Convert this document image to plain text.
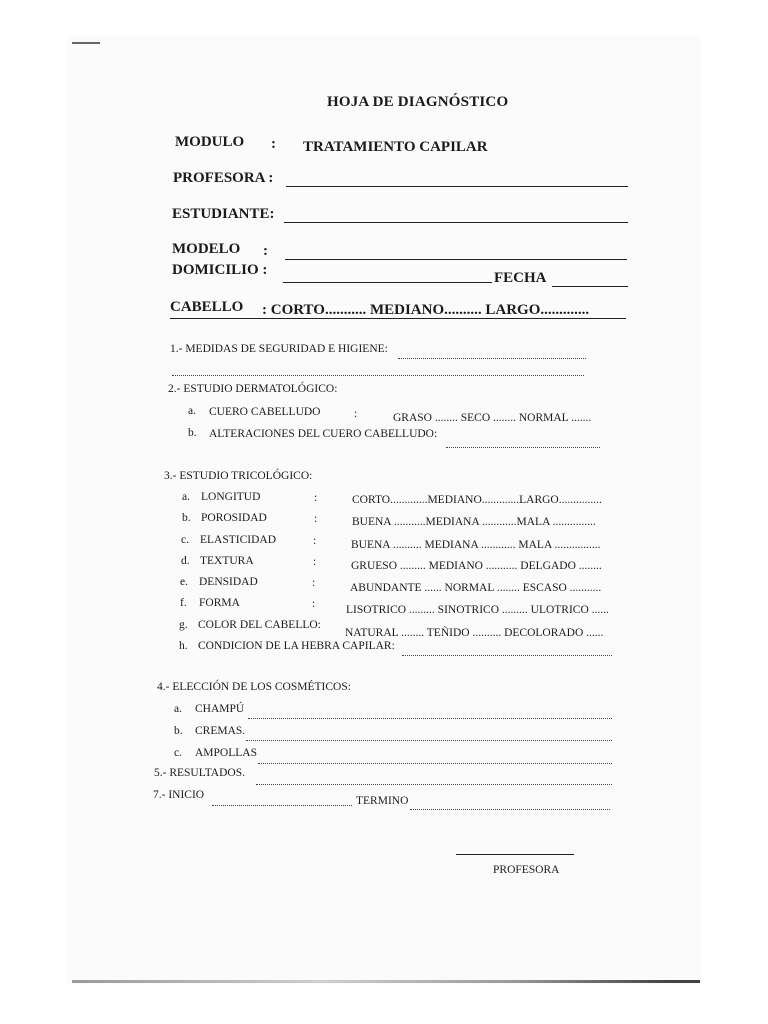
HOJA DE DIAGNÓSTICO
MODULO : TRATAMIENTO CAPILAR
PROFESORA :
ESTUDIANTE:
MODELO :
DOMICILIO :	FECHA
CABELLO : CORTO........... MEDIANO.......... LARGO.............
1.- MEDIDAS DE SEGURIDAD E HIGIENE:
2.- ESTUDIO DERMATOLÓGICO:
a. CUERO CABELLUDO	:	GRASO ........ SECO ........ NORMAL .......
b. ALTERACIONES DEL CUERO CABELLUDO:
3.- ESTUDIO TRICOLÓGICO:
a. LONGITUD	:	CORTO.............MEDIANO.............LARGO...............
b. POROSIDAD	:	BUENA ...........MEDIANA ............MALA ...............
c. ELASTICIDAD	:	BUENA .......... MEDIANA ............ MALA ................
d. TEXTURA	:	GRUESO ......... MEDIANO ........... DELGADO ........
e. DENSIDAD	:	ABUNDANTE ...... NORMAL ........ ESCASO ...........
f. FORMA	:	LISOTRICO ......... SINOTRICO ......... ULOTRICO ......
g. COLOR DEL CABELLO:
NATURAL ........ TEÑIDO .......... DECOLORADO ......
h. CONDICION DE LA HEBRA CAPILAR:
4.- ELECCIÓN DE LOS COSMÉTICOS:
a. CHAMPÚ
b. CREMAS.
c. AMPOLLAS
5.- RESULTADOS.
7.- INICIO	TERMINO
PROFESORA
